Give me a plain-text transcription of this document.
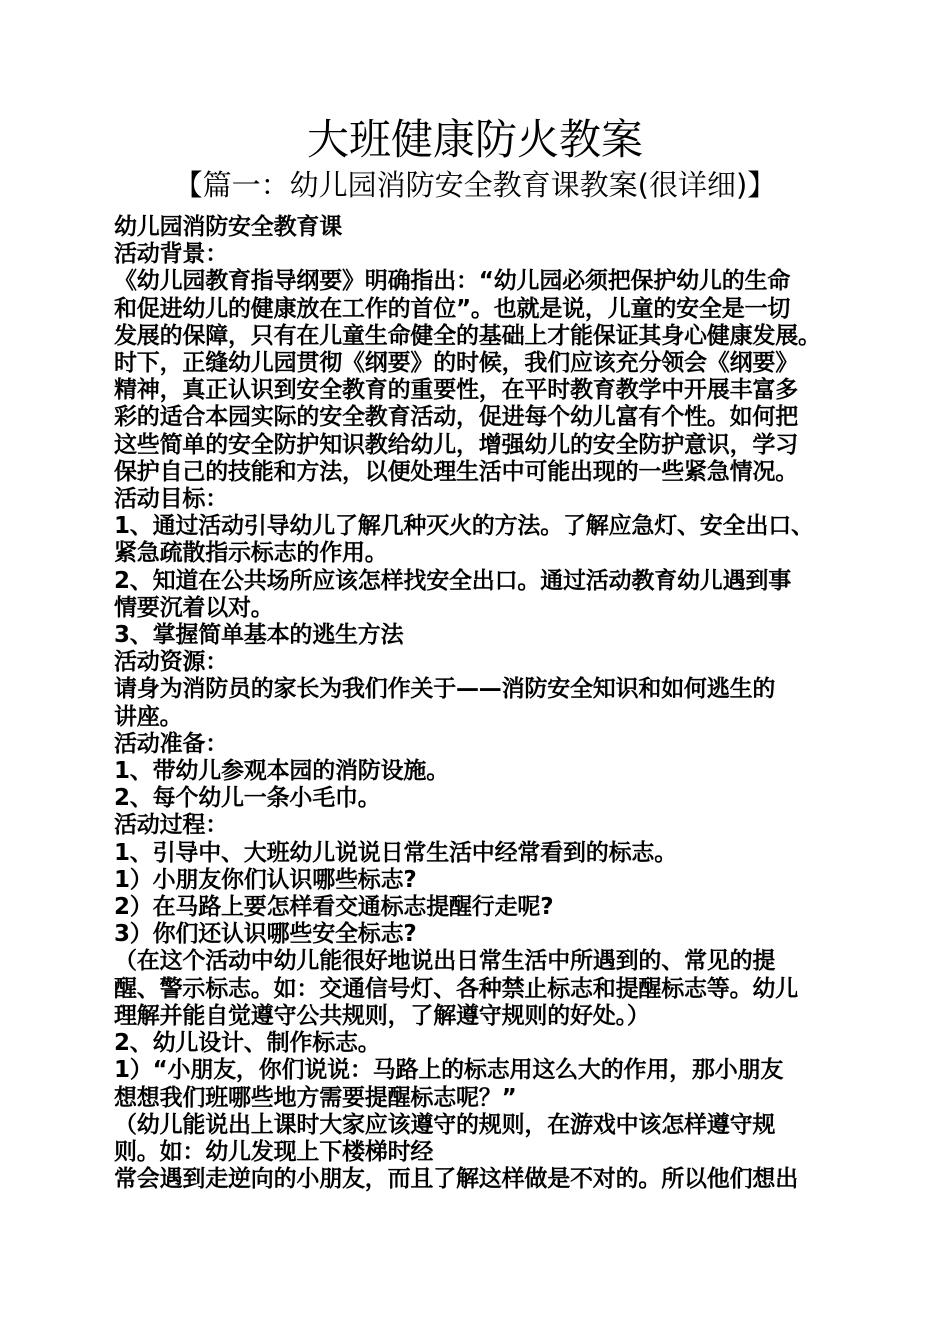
大班健康防火教案
【篇一：幼儿园消防安全教育课教案(很详细)】
幼儿园消防安全教育课
活动背景：
《幼儿园教育指导纲要》明确指出：“幼儿园必须把保护幼儿的生命
和促进幼儿的健康放在工作的首位”。也就是说，儿童的安全是一切
发展的保障，只有在儿童生命健全的基础上才能保证其身心健康发展。
时下，正缝幼儿园贯彻《纲要》的时候，我们应该充分领会《纲要》
精神，真正认识到安全教育的重要性，在平时教育教学中开展丰富多
彩的适合本园实际的安全教育活动，促进每个幼儿富有个性。如何把
这些简单的安全防护知识教给幼儿，增强幼儿的安全防护意识，学习
保护自己的技能和方法，以便处理生活中可能出现的一些紧急情况。
活动目标：
1、通过活动引导幼儿了解几种灭火的方法。了解应急灯、安全出口、
紧急疏散指示标志的作用。
2、知道在公共场所应该怎样找安全出口。通过活动教育幼儿遇到事
情要沉着以对。
3、掌握简单基本的逃生方法
活动资源：
请身为消防员的家长为我们作关于——消防安全知识和如何逃生的
讲座。
活动准备：
1、带幼儿参观本园的消防设施。
2、每个幼儿一条小毛巾。
活动过程：
1、引导中、大班幼儿说说日常生活中经常看到的标志。
1）小朋友你们认识哪些标志?
2）在马路上要怎样看交通标志提醒行走呢?
3）你们还认识哪些安全标志?
（在这个活动中幼儿能很好地说出日常生活中所遇到的、常见的提
醒、警示标志。如：交通信号灯、各种禁止标志和提醒标志等。幼儿
理解并能自觉遵守公共规则，了解遵守规则的好处。）
2、幼儿设计、制作标志。
1）“小朋友，你们说说：马路上的标志用这么大的作用，那小朋友
想想我们班哪些地方需要提醒标志呢？”
（幼儿能说出上课时大家应该遵守的规则，在游戏中该怎样遵守规
则。如：幼儿发现上下楼梯时经
常会遇到走逆向的小朋友，而且了解这样做是不对的。所以他们想出
